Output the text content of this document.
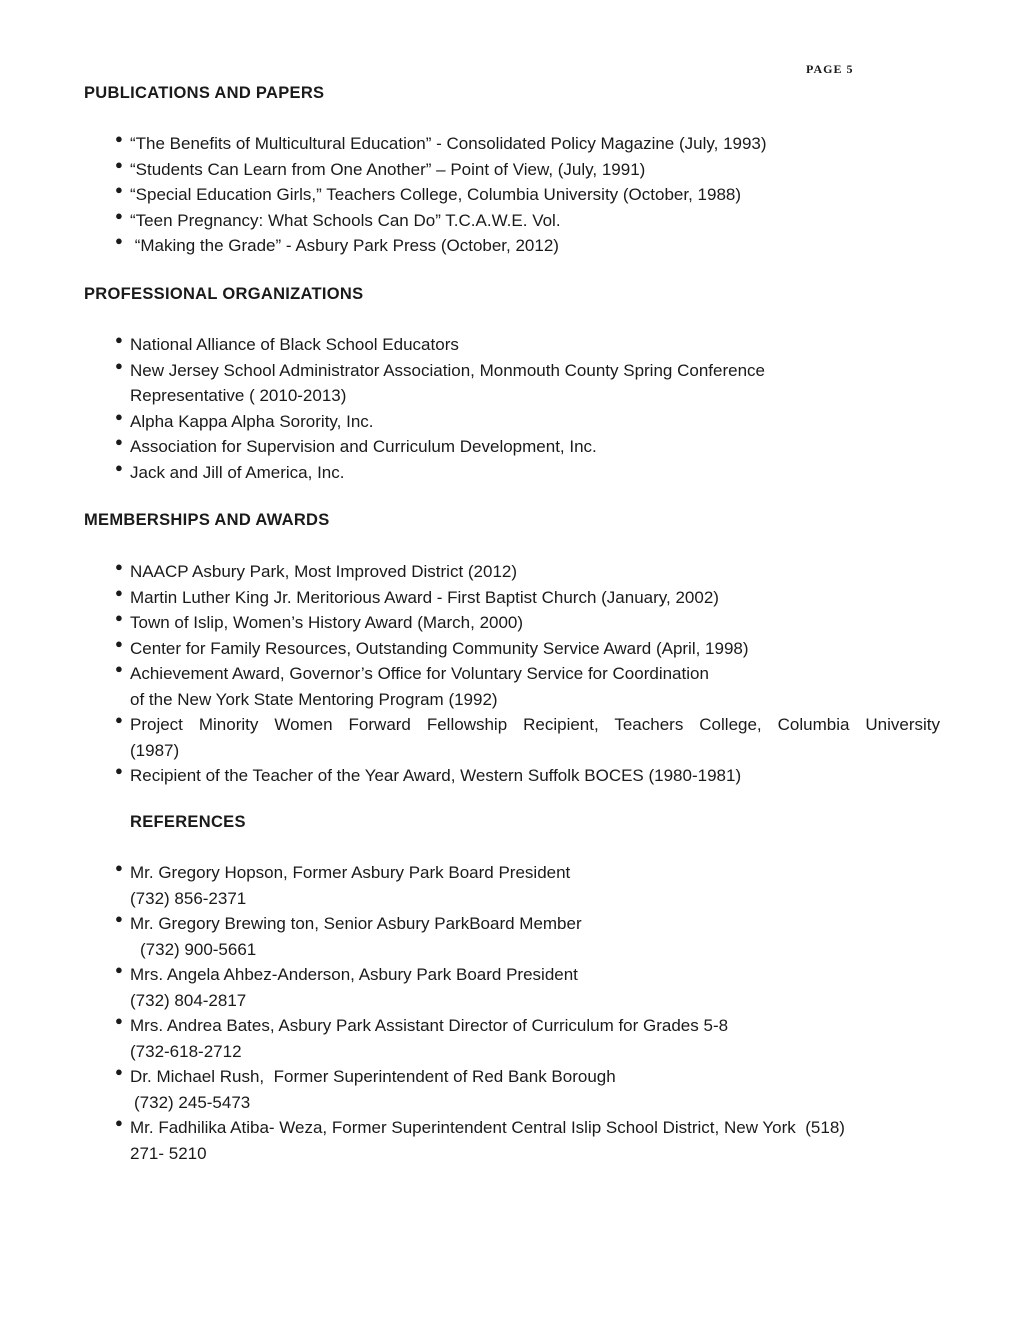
PAGE 5
PUBLICATIONS AND PAPERS
● “The Benefits of Multicultural Education” - Consolidated Policy Magazine (July, 1993)
● “Students Can Learn from One Another” – Point of View, (July, 1991)
● “Special Education Girls,” Teachers College, Columbia University (October, 1988)
● “Teen Pregnancy: What Schools Can Do” T.C.A.W.E. Vol.
● “Making the Grade” - Asbury Park Press (October, 2012)
PROFESSIONAL ORGANIZATIONS
● National Alliance of Black School Educators
● New Jersey School Administrator Association, Monmouth County Spring Conference
Representative ( 2010-2013)
● Alpha Kappa Alpha Sorority, Inc.
● Association for Supervision and Curriculum Development, Inc.
● Jack and Jill of America, Inc.
MEMBERSHIPS AND AWARDS
● NAACP Asbury Park, Most Improved District (2012)
● Martin Luther King Jr. Meritorious Award - First Baptist Church (January, 2002)
● Town of Islip, Women’s History Award (March, 2000)
● Center for Family Resources, Outstanding Community Service Award (April, 1998)
● Achievement Award, Governor’s Office for Voluntary Service for Coordination
of the New York State Mentoring Program (1992)
● Project Minority Women Forward Fellowship Recipient, Teachers College, Columbia University
(1987)
● Recipient of the Teacher of the Year Award, Western Suffolk BOCES (1980-1981)
REFERENCES
● Mr. Gregory Hopson, Former Asbury Park Board President
(732) 856-2371
● Mr. Gregory Brewing ton, Senior Asbury ParkBoard Member
(732) 900-5661
● Mrs. Angela Ahbez-Anderson, Asbury Park Board President
(732) 804-2817
● Mrs. Andrea Bates, Asbury Park Assistant Director of Curriculum for Grades 5-8
(732-618-2712
● Dr. Michael Rush,  Former Superintendent of Red Bank Borough
(732) 245-5473
● Mr. Fadhilika Atiba- Weza, Former Superintendent Central Islip School District, New York  (518)
271- 5210
